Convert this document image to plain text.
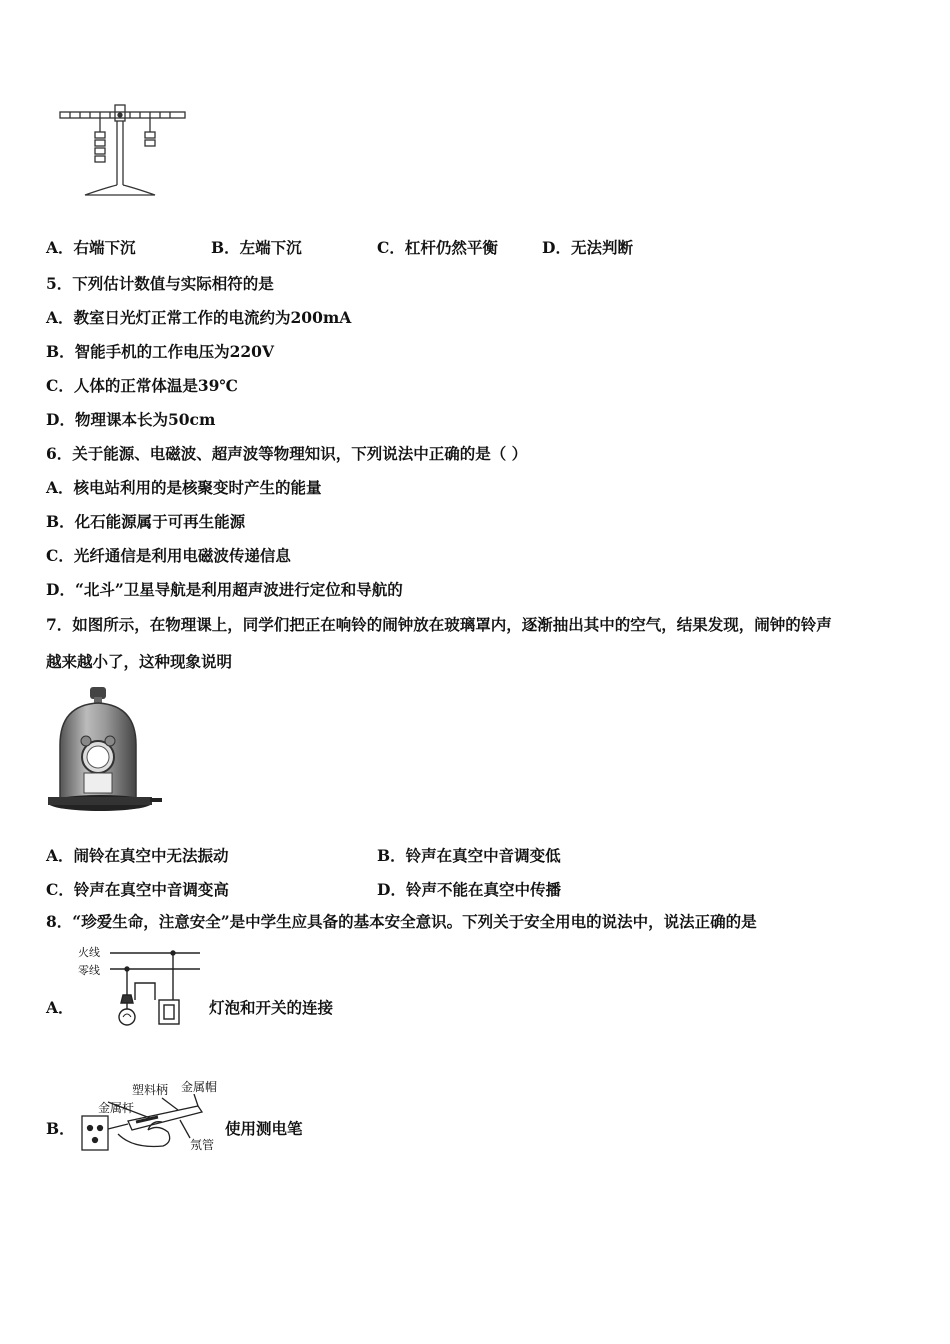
A．右端下沉	B．左端下沉	C．杠杆仍然平衡	D．无法判断
5．下列估计数值与实际相符的是
A．教室日光灯正常工作的电流约为200mA
B．智能手机的工作电压为220V
C．人体的正常体温是39℃
D．物理课本长为50cm
6．关于能源、电磁波、超声波等物理知识，下列说法中正确的是（ ）
A．核电站利用的是核聚变时产生的能量
B．化石能源属于可再生能源
C．光纤通信是利用电磁波传递信息
D．“北斗”卫星导航是利用超声波进行定位和导航的
7．如图所示，在物理课上，同学们把正在响铃的闹钟放在玻璃罩内，逐渐抽出其中的空气，结果发现，闹钟的铃声
越来越小了，这种现象说明
A．闹铃在真空中无法振动	B．铃声在真空中音调变低
C．铃声在真空中音调变高	D．铃声不能在真空中传播
8．“珍爱生命，注意安全”是中学生应具备的基本安全意识。下列关于安全用电的说法中，说法正确的是
A．
火线
零线
灯泡和开关的连接
B．
塑料柄 金属帽
金属杆
氖管
使用测电笔
